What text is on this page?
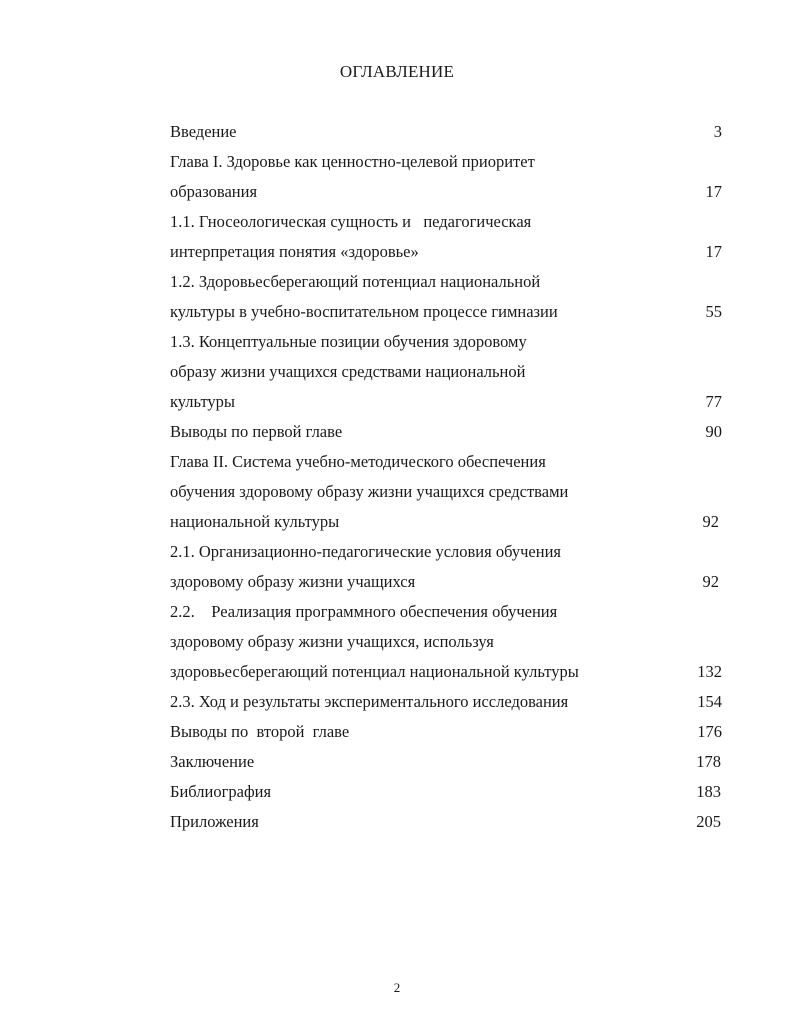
ОГЛАВЛЕНИЕ
Введение	3
Глава I. Здоровье как ценностно-целевой приоритет
образования	17
1.1. Гносеологическая сущность и   педагогическая
интерпретация понятия «здоровье»	17
1.2. Здоровьесберегающий потенциал национальной
культуры в учебно-воспитательном процессе гимназии	55
1.3. Концептуальные позиции обучения здоровому
образу жизни учащихся средствами национальной
культуры	77
Выводы по первой главе	90
Глава II. Система учебно-методического обеспечения
обучения здоровому образу жизни учащихся средствами
национальной культуры	92
2.1. Организационно-педагогические условия обучения
здоровому образу жизни учащихся	92
2.2.    Реализация программного обеспечения обучения
здоровому образу жизни учащихся, используя
здоровьесберегающий потенциал национальной культуры	132
2.3. Ход и результаты экспериментального исследования	154
Выводы по  второй  главе	176
Заключение	178
Библиография	183
Приложения	205
2
